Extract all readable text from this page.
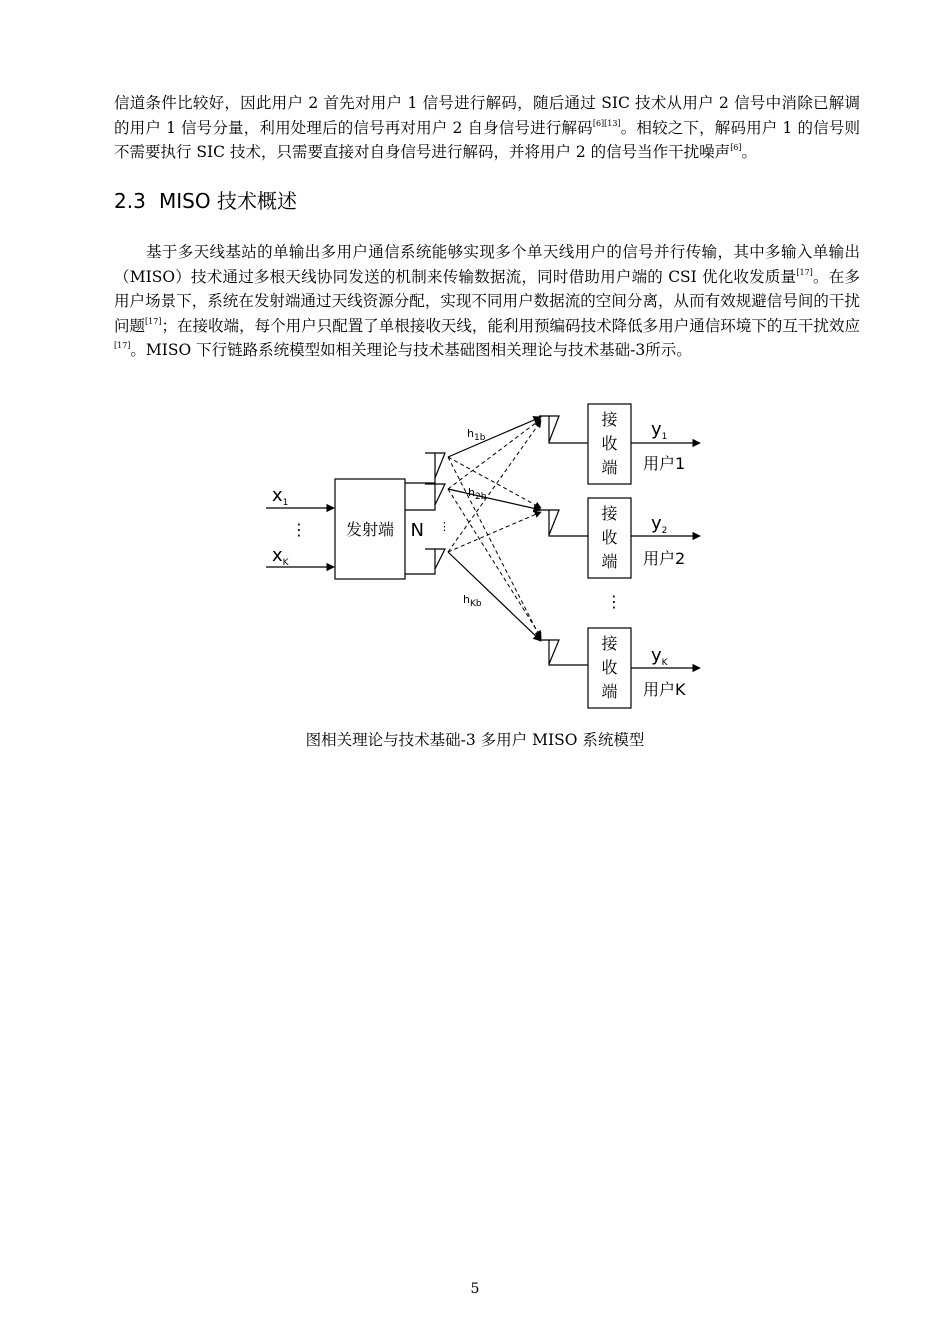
信道条件比较好，因此用户 2 首先对用户 1 信号进行解码，随后通过 SIC 技术从用户 2 信号中消除已解调的用户 1 信号分量，利用处理后的信号再对用户 2 自身信号进行解码[6][13]。相较之下，解码用户 1 的信号则不需要执行 SIC 技术，只需要直接对自身信号进行解码，并将用户 2 的信号当作干扰噪声[6]。

2.3 MISO 技术概述

基于多天线基站的单输出多用户通信系统能够实现多个单天线用户的信号并行传输，其中多输入单输出（MISO）技术通过多根天线协同发送的机制来传输数据流，同时借助用户端的 CSI 优化收发质量[17]。在多用户场景下，系统在发射端通过天线资源分配，实现不同用户数据流的空间分离，从而有效规避信号间的干扰问题[17]；在接收端，每个用户只配置了单根接收天线，能利用预编码技术降低多用户通信环境下的互干扰效应[17]。MISO 下行链路系统模型如相关理论与技术基础图相关理论与技术基础-3所示。

$x_1$
⋮
$x_K$
发射端 N ⋮
$h_{1b}$
$h_{2b}$
$h_{Kb}$
接
收
端
接
收
端
接
收
端
⋮
$y_1$
$y_2$
$y_K$
用户1
用户2
用户K

图相关理论与技术基础-3 多用户 MISO 系统模型

5
